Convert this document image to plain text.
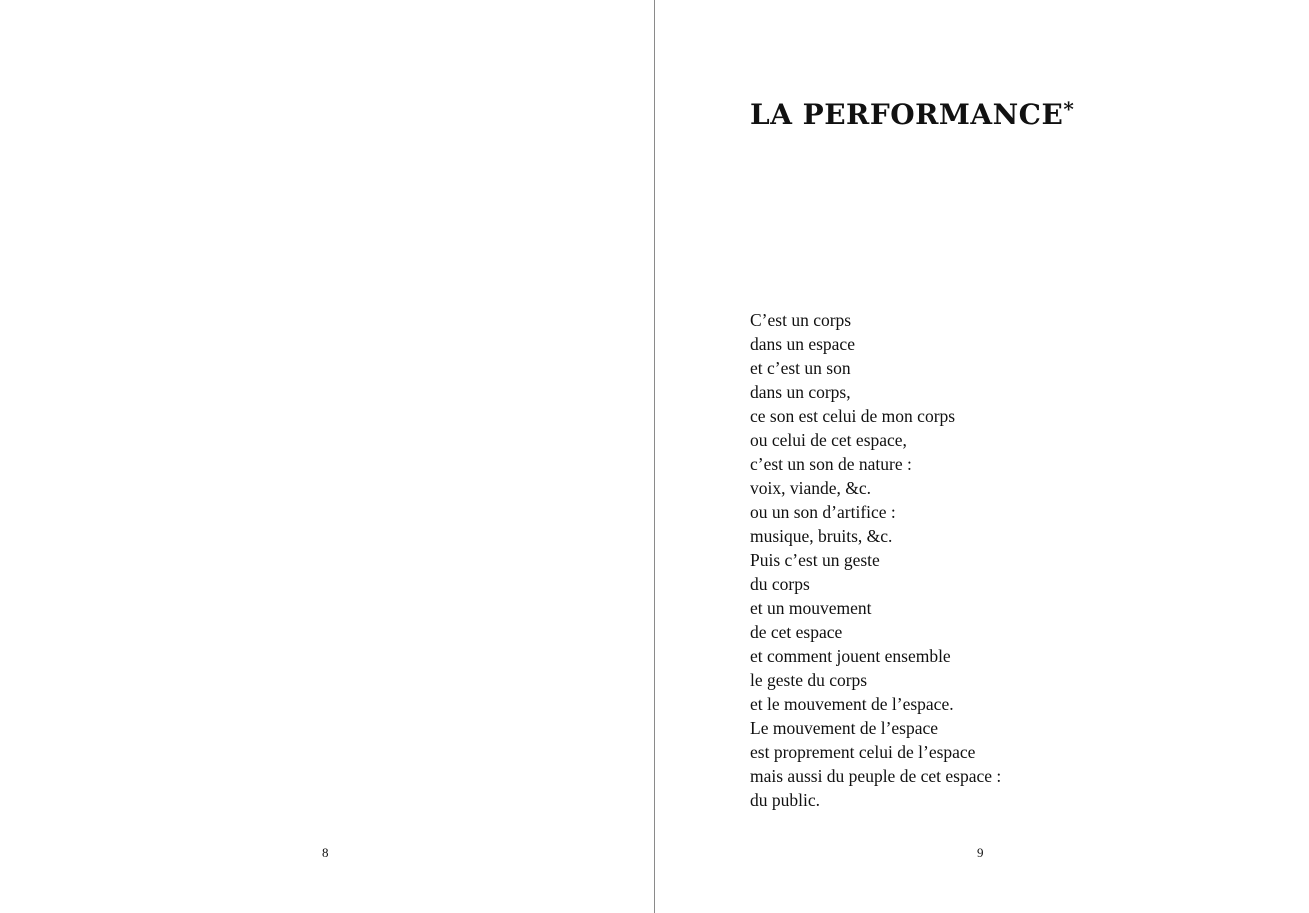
8
LA PERFORMANCE*
C’est un corps
dans un espace
et c’est un son
dans un corps,
ce son est celui de mon corps
ou celui de cet espace,
c’est un son de nature :
voix, viande, &c.
ou un son d’artifice :
musique, bruits, &c.
Puis c’est un geste
du corps
et un mouvement
de cet espace
et comment jouent ensemble
le geste du corps
et le mouvement de l’espace.
Le mouvement de l’espace
est proprement celui de l’espace
mais aussi du peuple de cet espace :
du public.
9
